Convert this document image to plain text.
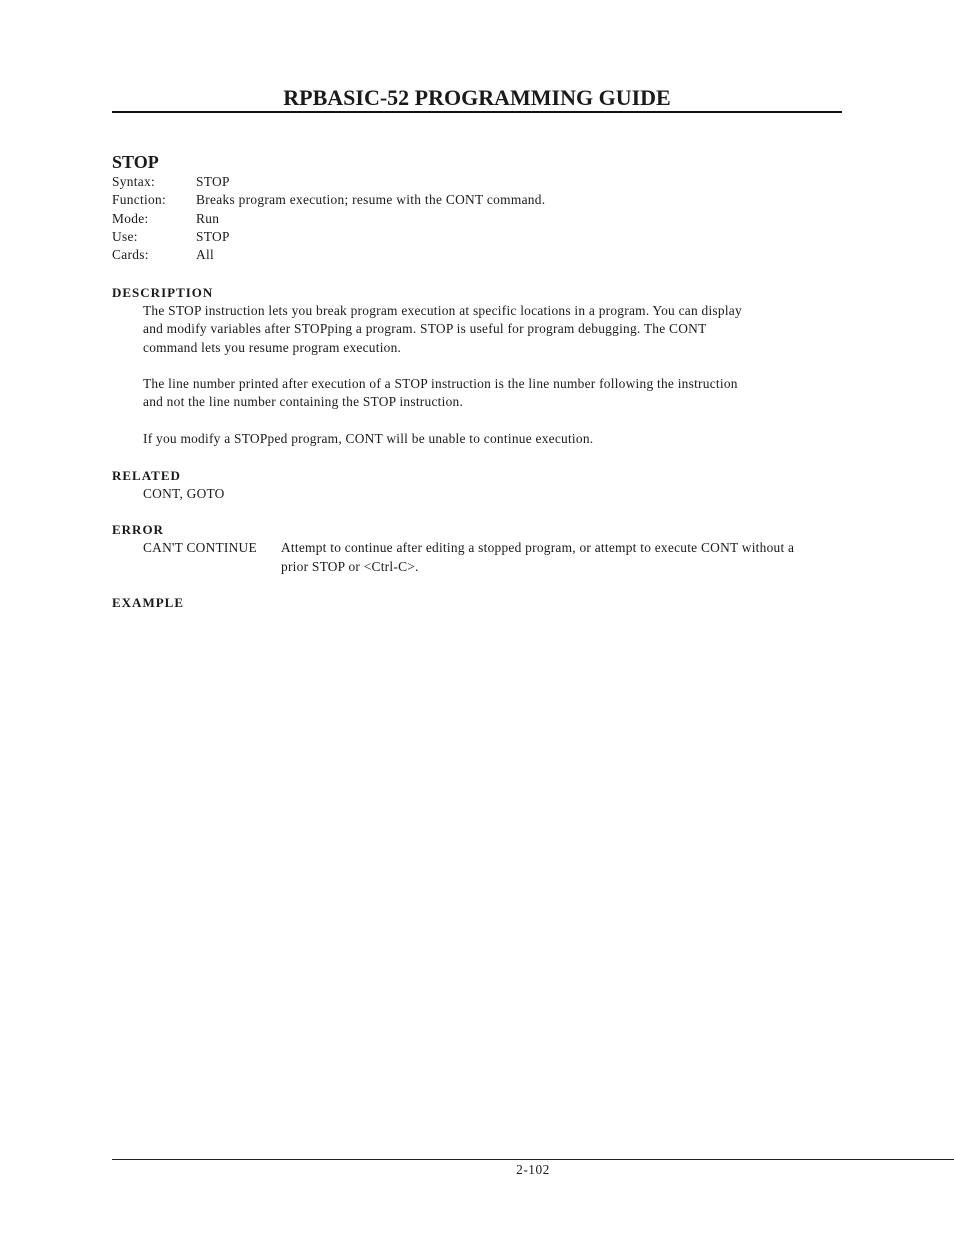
RPBASIC-52 PROGRAMMING GUIDE
STOP
Syntax:	STOP
Function:	Breaks program execution; resume with the CONT command.
Mode:	Run
Use:	STOP
Cards:	All
DESCRIPTION
The STOP instruction lets you break program execution at specific locations in a program. You can display
and modify variables after STOPping a program. STOP is useful for program debugging. The CONT
command lets you resume program execution.
The line number printed after execution of a STOP instruction is the line number following the instruction
and not the line number containing the STOP instruction.
If you modify a STOPped program, CONT will be unable to continue execution.
RELATED
CONT, GOTO
ERROR
CAN'T CONTINUE	Attempt to continue after editing a stopped program, or attempt to execute CONT without a prior STOP or <Ctrl-C>.
EXAMPLE
2-102
